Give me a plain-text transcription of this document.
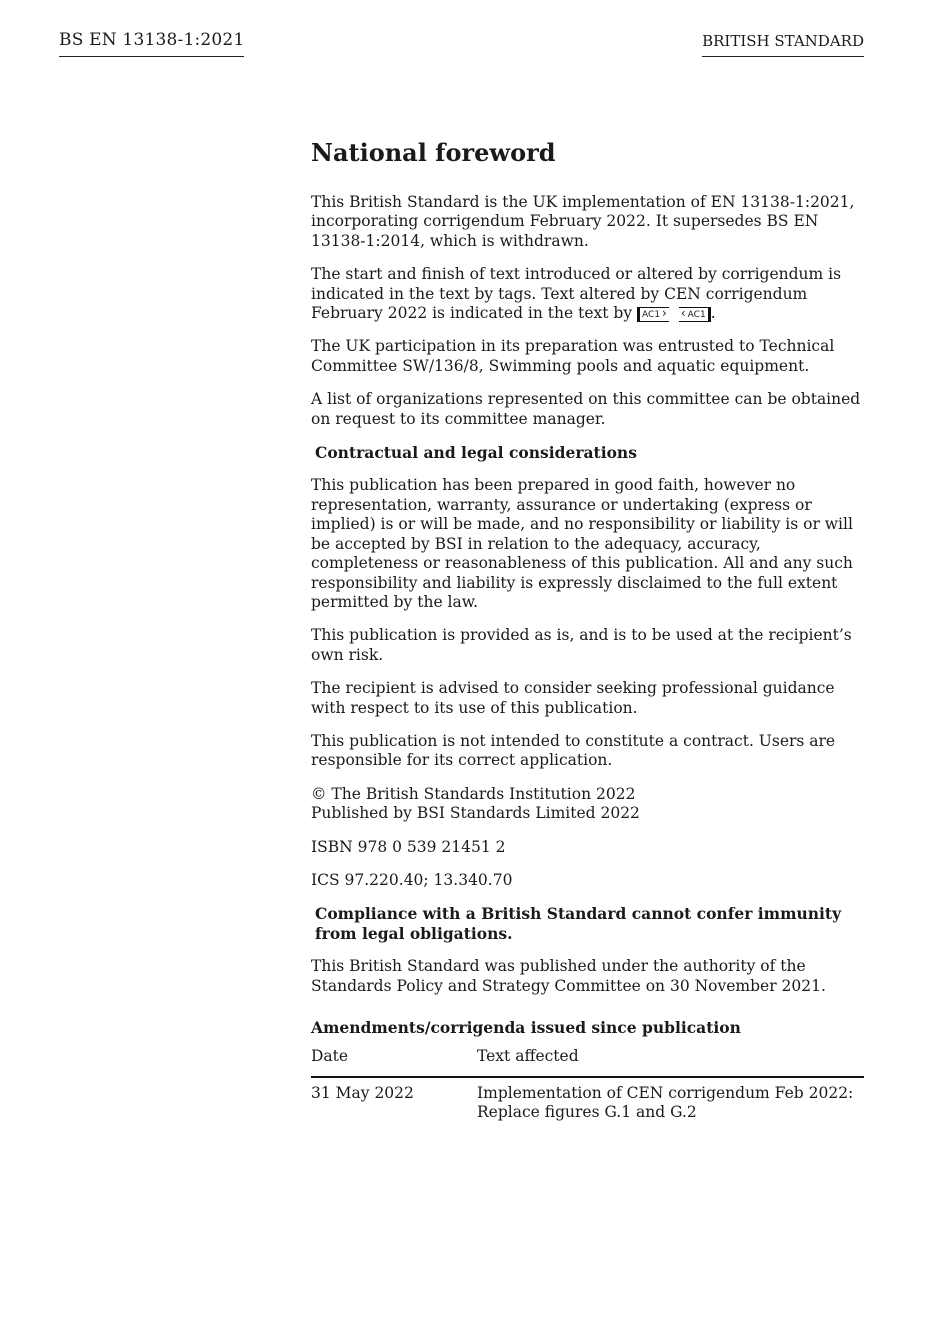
BS EN 13138-1:2021	BRITISH STANDARD
National foreword

This British Standard is the UK implementation of EN 13138-1:2021, incorporating corrigendum February 2022. It supersedes BS EN 13138-1:2014, which is withdrawn.

The start and finish of text introduced or altered by corrigendum is indicated in the text by tags. Text altered by CEN corrigendum February 2022 is indicated in the text by AC1 ›	‹ AC1 .

The UK participation in its preparation was entrusted to Technical Committee SW/136/8, Swimming pools and aquatic equipment.

A list of organizations represented on this committee can be obtained on request to its committee manager.

Contractual and legal considerations

This publication has been prepared in good faith, however no representation, warranty, assurance or undertaking (express or implied) is or will be made, and no responsibility or liability is or will be accepted by BSI in relation to the adequacy, accuracy, completeness or reasonableness of this publication. All and any such responsibility and liability is expressly disclaimed to the full extent permitted by the law.

This publication is provided as is, and is to be used at the recipient’s own risk.

The recipient is advised to consider seeking professional guidance with respect to its use of this publication.

This publication is not intended to constitute a contract. Users are responsible for its correct application.

© The British Standards Institution 2022
Published by BSI Standards Limited 2022

ISBN 978 0 539 21451 2

ICS 97.220.40; 13.340.70

Compliance with a British Standard cannot confer immunity from legal obligations.

This British Standard was published under the authority of the Standards Policy and Strategy Committee on 30 November 2021.

Amendments/corrigenda issued since publication
Date	Text affected
31 May 2022	Implementation of CEN corrigendum Feb 2022:
Replace figures G.1 and G.2
